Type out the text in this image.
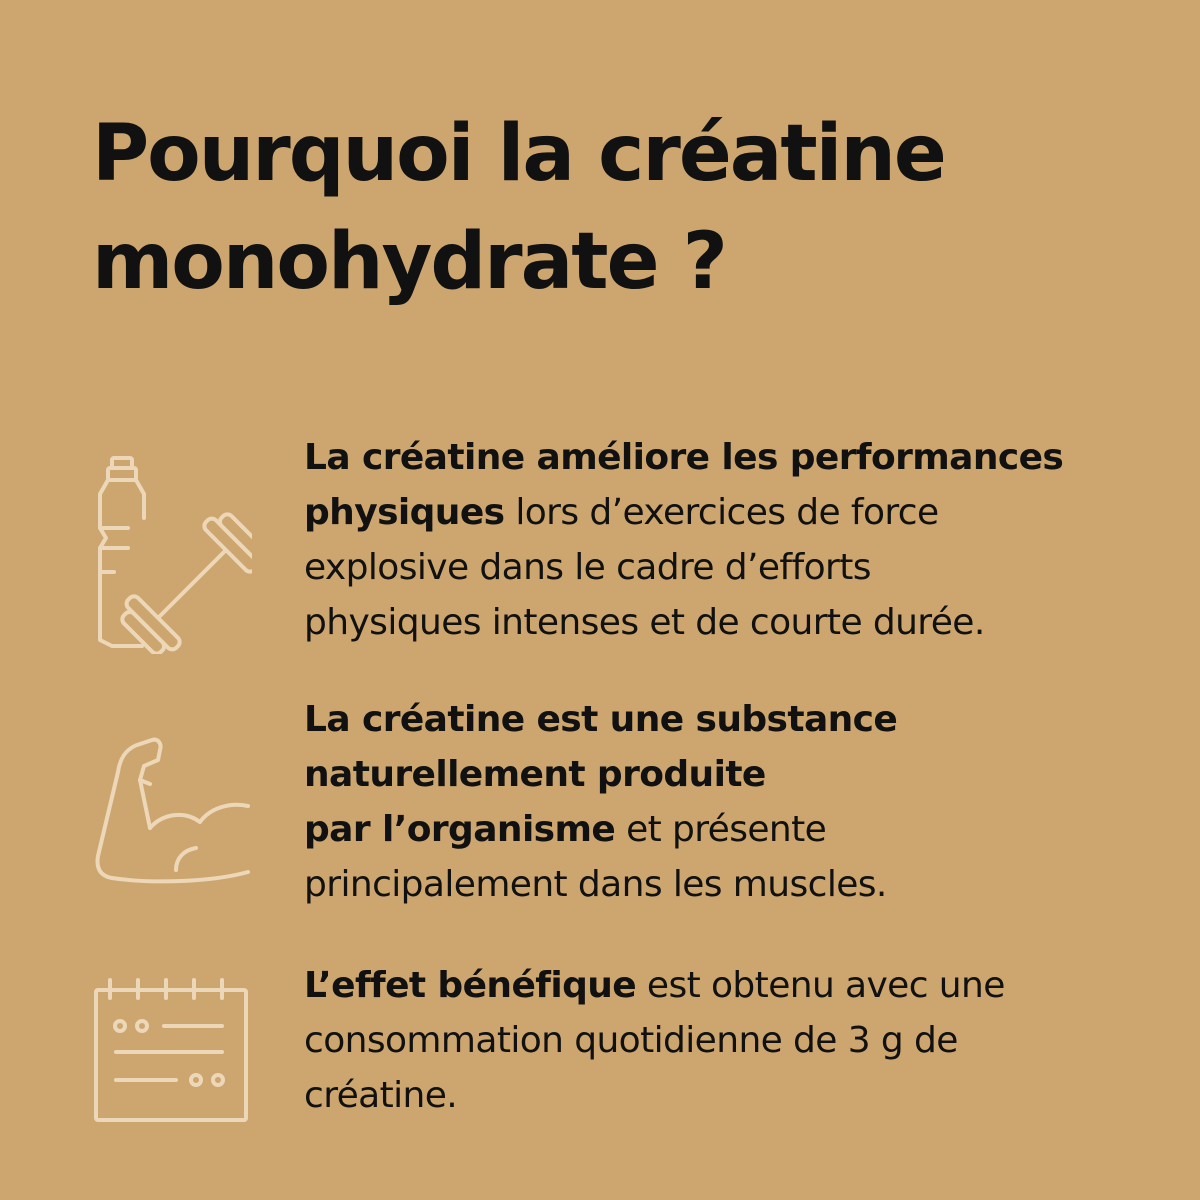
Pourquoi la créatine
monohydrate ?

La créatine améliore les performances
physiques lors d’exercices de force
explosive dans le cadre d’efforts
physiques intenses et de courte durée.

La créatine est une substance
naturellement produite
par l’organisme et présente
principalement dans les muscles.

L’effet bénéfique est obtenu avec une
consommation quotidienne de 3 g de
créatine.
